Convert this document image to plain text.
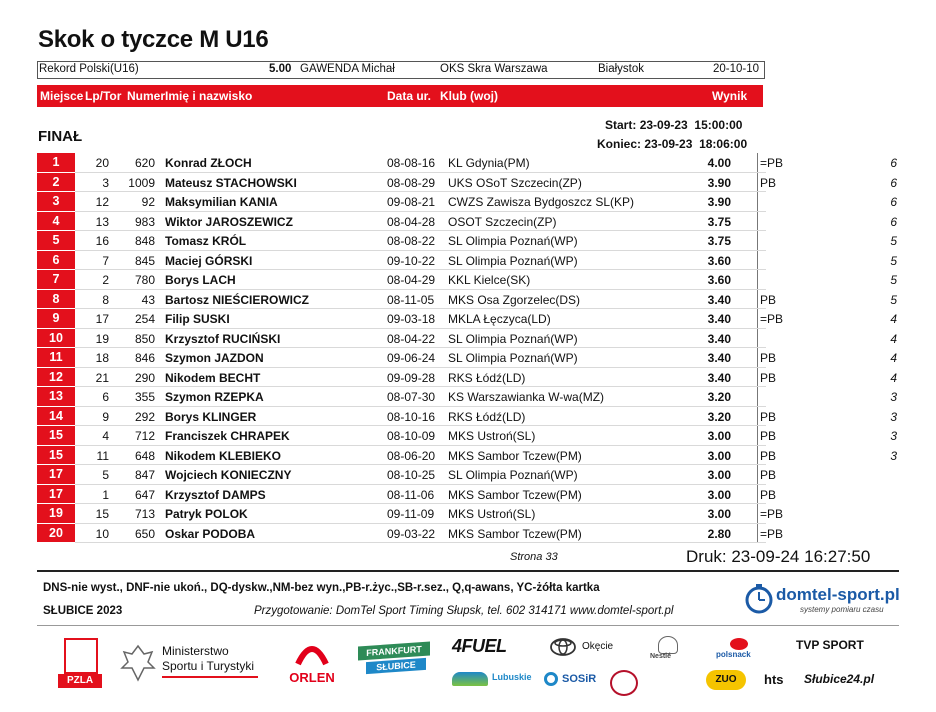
Skok o tyczce M U16
Rekord Polski(U16)	5.00 GAWENDA Michał	OKS Skra Warszawa	Białystok	20-10-10
Miejsce Lp/Tor Numer Imię i nazwisko	Data ur. Klub (woj)	Wynik
FINAŁ
Start: 23-09-23 15:00:00
Koniec: 23-09-23 18:06:00
1	20	620 Konrad ZŁOCH	08-08-16 KL Gdynia(PM)	4.00 =PB	6
2	3	1009 Mateusz STACHOWSKI	08-08-29 UKS OSoT Szczecin(ZP)	3.90 PB	6
3	12	92 Maksymilian KANIA	09-08-21 CWZS Zawisza Bydgoszcz SL(KP)	3.90	6
4	13	983 Wiktor JAROSZEWICZ	08-04-28 OSOT Szczecin(ZP)	3.75	6
5	16	848 Tomasz KRÓL	08-08-22 SL Olimpia Poznań(WP)	3.75	5
6	7	845 Maciej GÓRSKI	09-10-22 SL Olimpia Poznań(WP)	3.60	5
7	2	780 Borys LACH	08-04-29 KKL Kielce(SK)	3.60	5
8	8	43 Bartosz NIEŚCIEROWICZ	08-11-05 MKS Osa Zgorzelec(DS)	3.40 PB	5
9	17	254 Filip SUSKI	09-03-18 MKLA Łęczyca(LD)	3.40 =PB	4
10	19	850 Krzysztof RUCIŃSKI	08-04-22 SL Olimpia Poznań(WP)	3.40	4
11	18	846 Szymon JAZDON	09-06-24 SL Olimpia Poznań(WP)	3.40 PB	4
12	21	290 Nikodem BECHT	09-09-28 RKS Łódź(LD)	3.40 PB	4
13	6	355 Szymon RZEPKA	08-07-30 KS Warszawianka W-wa(MZ)	3.20	3
14	9	292 Borys KLINGER	08-10-16 RKS Łódź(LD)	3.20 PB	3
15	4	712 Franciszek CHRAPEK	08-10-09 MKS Ustroń(SL)	3.00 PB	3
15	11	648 Nikodem KLEBIEKO	08-06-20 MKS Sambor Tczew(PM)	3.00 PB	3
17	5	847 Wojciech KONIECZNY	08-10-25 SL Olimpia Poznań(WP)	3.00 PB
17	1	647 Krzysztof DAMPS	08-11-06 MKS Sambor Tczew(PM)	3.00 PB
19	15	713 Patryk POLOK	09-11-09 MKS Ustroń(SL)	3.00 =PB
20	10	650 Oskar PODOBA	09-03-22 MKS Sambor Tczew(PM)	2.80 =PB
Strona 33	Druk: 23-09-24 16:27:50
DNS-nie wyst., DNF-nie ukoń., DQ-dyskw.,NM-bez wyn.,PB-r.życ.,SB-r.sez., Q,q-awans, YC-żółta kartka
SŁUBICE 2023	Przygotowanie: DomTel Sport Timing Słupsk, tel. 602 314171 www.domtel-sport.pl
domtel-sport.pl
systemy pomiaru czasu
PZLA
Ministerstwo
Sportu i Turystyki
ORLEN
FRANKFURT
SŁUBICE
4FUEL
Lubuskie
Okęcie
SOSiR
Nestlé	polsnack
ZUO
TVP SPORT
hts Słubice24.pl
